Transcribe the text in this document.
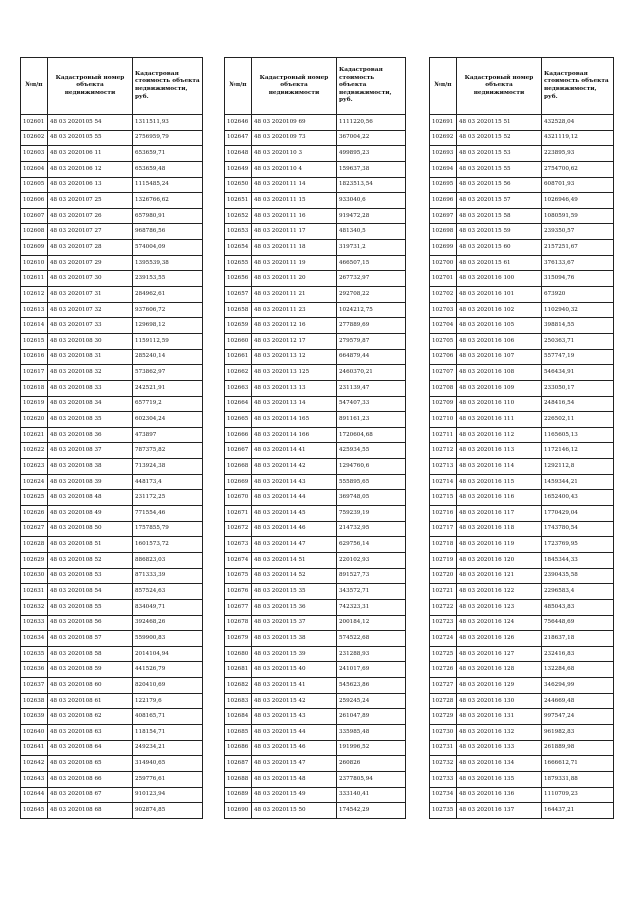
№п/п	Кадастровый номер объекта недвижимости	Кадастровая стоимость объекта недвижимости, руб.
102601	48 03 2020105 54	1311511,93
102602	48 03 2020105 55	2756959,79
102603	48 03 2020106 11	653659,71
102604	48 03 2020106 12	653659,48
102605	48 03 2020106 13	1115485,24
102606	48 03 2020107 25	1326766,62
102607	48 03 2020107 26	657980,91
102608	48 03 2020107 27	968786,56
102609	48 03 2020107 28	574004,09
102610	48 03 2020107 29	1395539,38
102611	48 03 2020107 30	239153,55
102612	48 03 2020107 31	284962,61
102613	48 03 2020107 32	937606,72
102614	48 03 2020107 33	129698,12
102615	48 03 2020108 30	1159112,59
102616	48 03 2020108 31	285240,14
102617	48 03 2020108 32	573862,97
102618	48 03 2020108 33	242521,91
102619	48 03 2020108 34	657719,2
102620	48 03 2020108 35	602304,24
102621	48 03 2020108 36	473897
102622	48 03 2020108 37	787375,82
102623	48 03 2020108 38	713924,38
102624	48 03 2020108 39	448173,4
102625	48 03 2020108 48	231172,25
102626	48 03 2020108 49	771554,46
102627	48 03 2020108 50	1757855,79
102628	48 03 2020108 51	1601573,72
102629	48 03 2020108 52	886823,03
102630	48 03 2020108 53	871333,39
102631	48 03 2020108 54	857524,63
102632	48 03 2020108 55	834049,71
102633	48 03 2020108 56	392468,26
102634	48 03 2020108 57	559900,83
102635	48 03 2020108 58	2014104,94
102636	48 03 2020108 59	441526,79
102637	48 03 2020108 60	820410,69
102638	48 03 2020108 61	122179,6
102639	48 03 2020108 62	408165,71
102640	48 03 2020108 63	118154,71
102641	48 03 2020108 64	249234,21
102642	48 03 2020108 65	314940,65
102643	48 03 2020108 66	259776,61
102644	48 03 2020108 67	910123,94
102645	48 03 2020108 68	902874,85
№п/п	Кадастровый номер объекта недвижимости	Кадастровая стоимость объекта недвижимости, руб.
102646	48 03 2020109 69	1111220,56
102647	48 03 2020109 73	367004,22
102648	48 03 2020110 3	499895,23
102649	48 03 2020110 4	159637,38
102650	48 03 2020111 14	1823513,54
102651	48 03 2020111 15	933040,6
102652	48 03 2020111 16	919472,28
102653	48 03 2020111 17	481340,5
102654	48 03 2020111 18	319731,2
102655	48 03 2020111 19	466507,15
102656	48 03 2020111 20	267732,97
102657	48 03 2020111 21	292708,22
102658	48 03 2020111 23	1024212,75
102659	48 03 2020112 16	277889,69
102660	48 03 2020112 17	279579,87
102661	48 03 2020113 12	664879,44
102662	48 03 2020113 125	2460370,21
102663	48 03 2020113 13	231139,47
102664	48 03 2020113 14	547407,33
102665	48 03 2020114 165	891161,23
102666	48 03 2020114 166	1720604,68
102667	48 03 2020114 41	425934,55
102668	48 03 2020114 42	1294760,6
102669	48 03 2020114 43	555895,65
102670	48 03 2020114 44	369748,05
102671	48 03 2020114 45	759239,19
102672	48 03 2020114 46	214732,95
102673	48 03 2020114 47	629756,14
102674	48 03 2020114 51	220102,93
102675	48 03 2020114 52	891527,73
102676	48 03 2020115 35	343572,71
102677	48 03 2020115 36	742323,31
102678	48 03 2020115 37	200184,12
102679	48 03 2020115 38	574522,68
102680	48 03 2020115 39	231288,93
102681	48 03 2020115 40	241017,69
102682	48 03 2020115 41	545623,86
102683	48 03 2020115 42	259245,24
102684	48 03 2020115 43	261047,89
102685	48 03 2020115 44	335985,48
102686	48 03 2020115 46	191996,52
102687	48 03 2020115 47	260826
102688	48 03 2020115 48	2377805,94
102689	48 03 2020115 49	333140,41
102690	48 03 2020115 50	174542,29
№п/п	Кадастровый номер объекта недвижимости	Кадастровая стоимость объекта недвижимости, руб.
102691	48 03 2020115 51	432528,04
102692	48 03 2020115 52	4321119,12
102693	48 03 2020115 53	223895,93
102694	48 03 2020115 55	2754700,62
102695	48 03 2020115 56	608701,93
102696	48 03 2020115 57	1026946,49
102697	48 03 2020115 58	1080591,59
102698	48 03 2020115 59	239350,57
102699	48 03 2020115 60	2157251,67
102700	48 03 2020115 61	376133,67
102701	48 03 2020116 100	315094,76
102702	48 03 2020116 101	673920
102703	48 03 2020116 102	1102940,32
102704	48 03 2020116 105	398814,55
102705	48 03 2020116 106	250363,71
102706	48 03 2020116 107	557747,19
102707	48 03 2020116 108	546434,91
102708	48 03 2020116 109	233050,17
102709	48 03 2020116 110	248416,54
102710	48 03 2020116 111	226502,11
102711	48 03 2020116 112	1165605,13
102712	48 03 2020116 113	1172146,12
102713	48 03 2020116 114	1292112,8
102714	48 03 2020116 115	1459344,21
102715	48 03 2020116 116	1652400,43
102716	48 03 2020116 117	1770429,04
102717	48 03 2020116 118	1743780,54
102718	48 03 2020116 119	1723769,95
102719	48 03 2020116 120	1845344,33
102720	48 03 2020116 121	2390435,58
102721	48 03 2020116 122	2296583,4
102722	48 03 2020116 123	485043,83
102723	48 03 2020116 124	756448,69
102724	48 03 2020116 126	218637,18
102725	48 03 2020116 127	232416,83
102726	48 03 2020116 128	132284,68
102727	48 03 2020116 129	346294,99
102728	48 03 2020116 130	244669,48
102729	48 03 2020116 131	997547,24
102730	48 03 2020116 132	961982,83
102731	48 03 2020116 133	261889,98
102732	48 03 2020116 134	1666612,71
102733	48 03 2020116 135	1879331,88
102734	48 03 2020116 136	1110709,23
102735	48 03 2020116 137	164437,21
